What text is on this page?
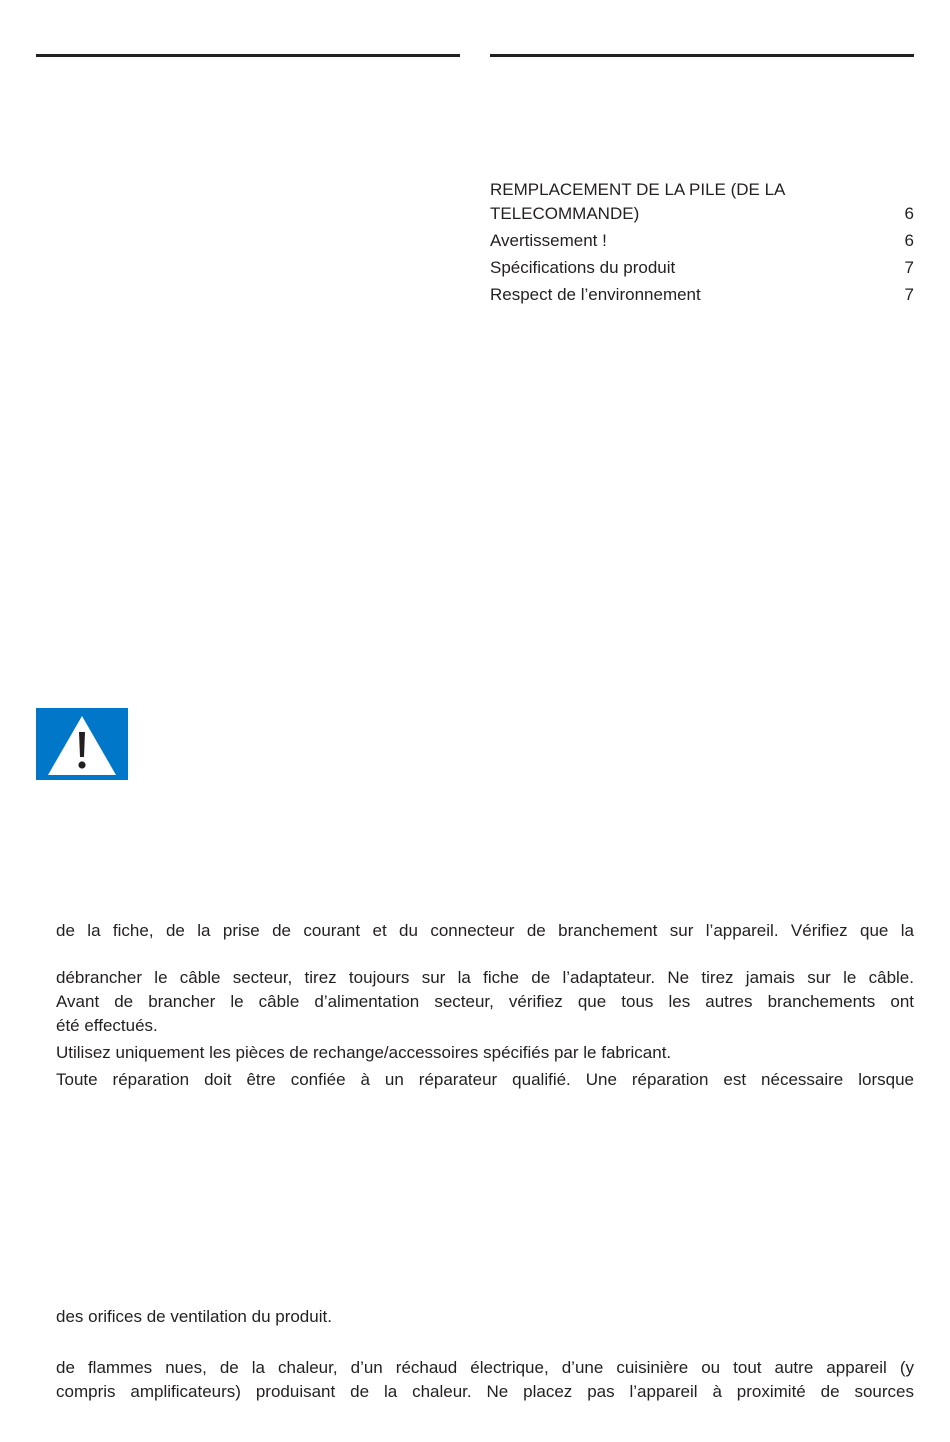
REMPLACEMENT DE LA PILE (DE LA TELECOMMANDE)	6
Avertissement !	6
Spécifications du produit	7
Respect de l’environnement	7
de la fiche, de la prise de courant et du connecteur de branchement sur l’appareil. Vérifiez que la
débrancher le câble secteur, tirez toujours sur la fiche de l’adaptateur. Ne tirez jamais sur le câble.
Avant de brancher le câble d’alimentation secteur, vérifiez que tous les autres branchements ont
été effectués.
Utilisez uniquement les pièces de rechange/accessoires spécifiés par le fabricant.
Toute réparation doit être confiée à un réparateur qualifié. Une réparation est nécessaire lorsque
des orifices de ventilation du produit.
de flammes nues, de la chaleur, d’un réchaud électrique, d’une cuisinière ou tout autre appareil (y
compris amplificateurs) produisant de la chaleur. Ne placez pas l’appareil à proximité de sources
